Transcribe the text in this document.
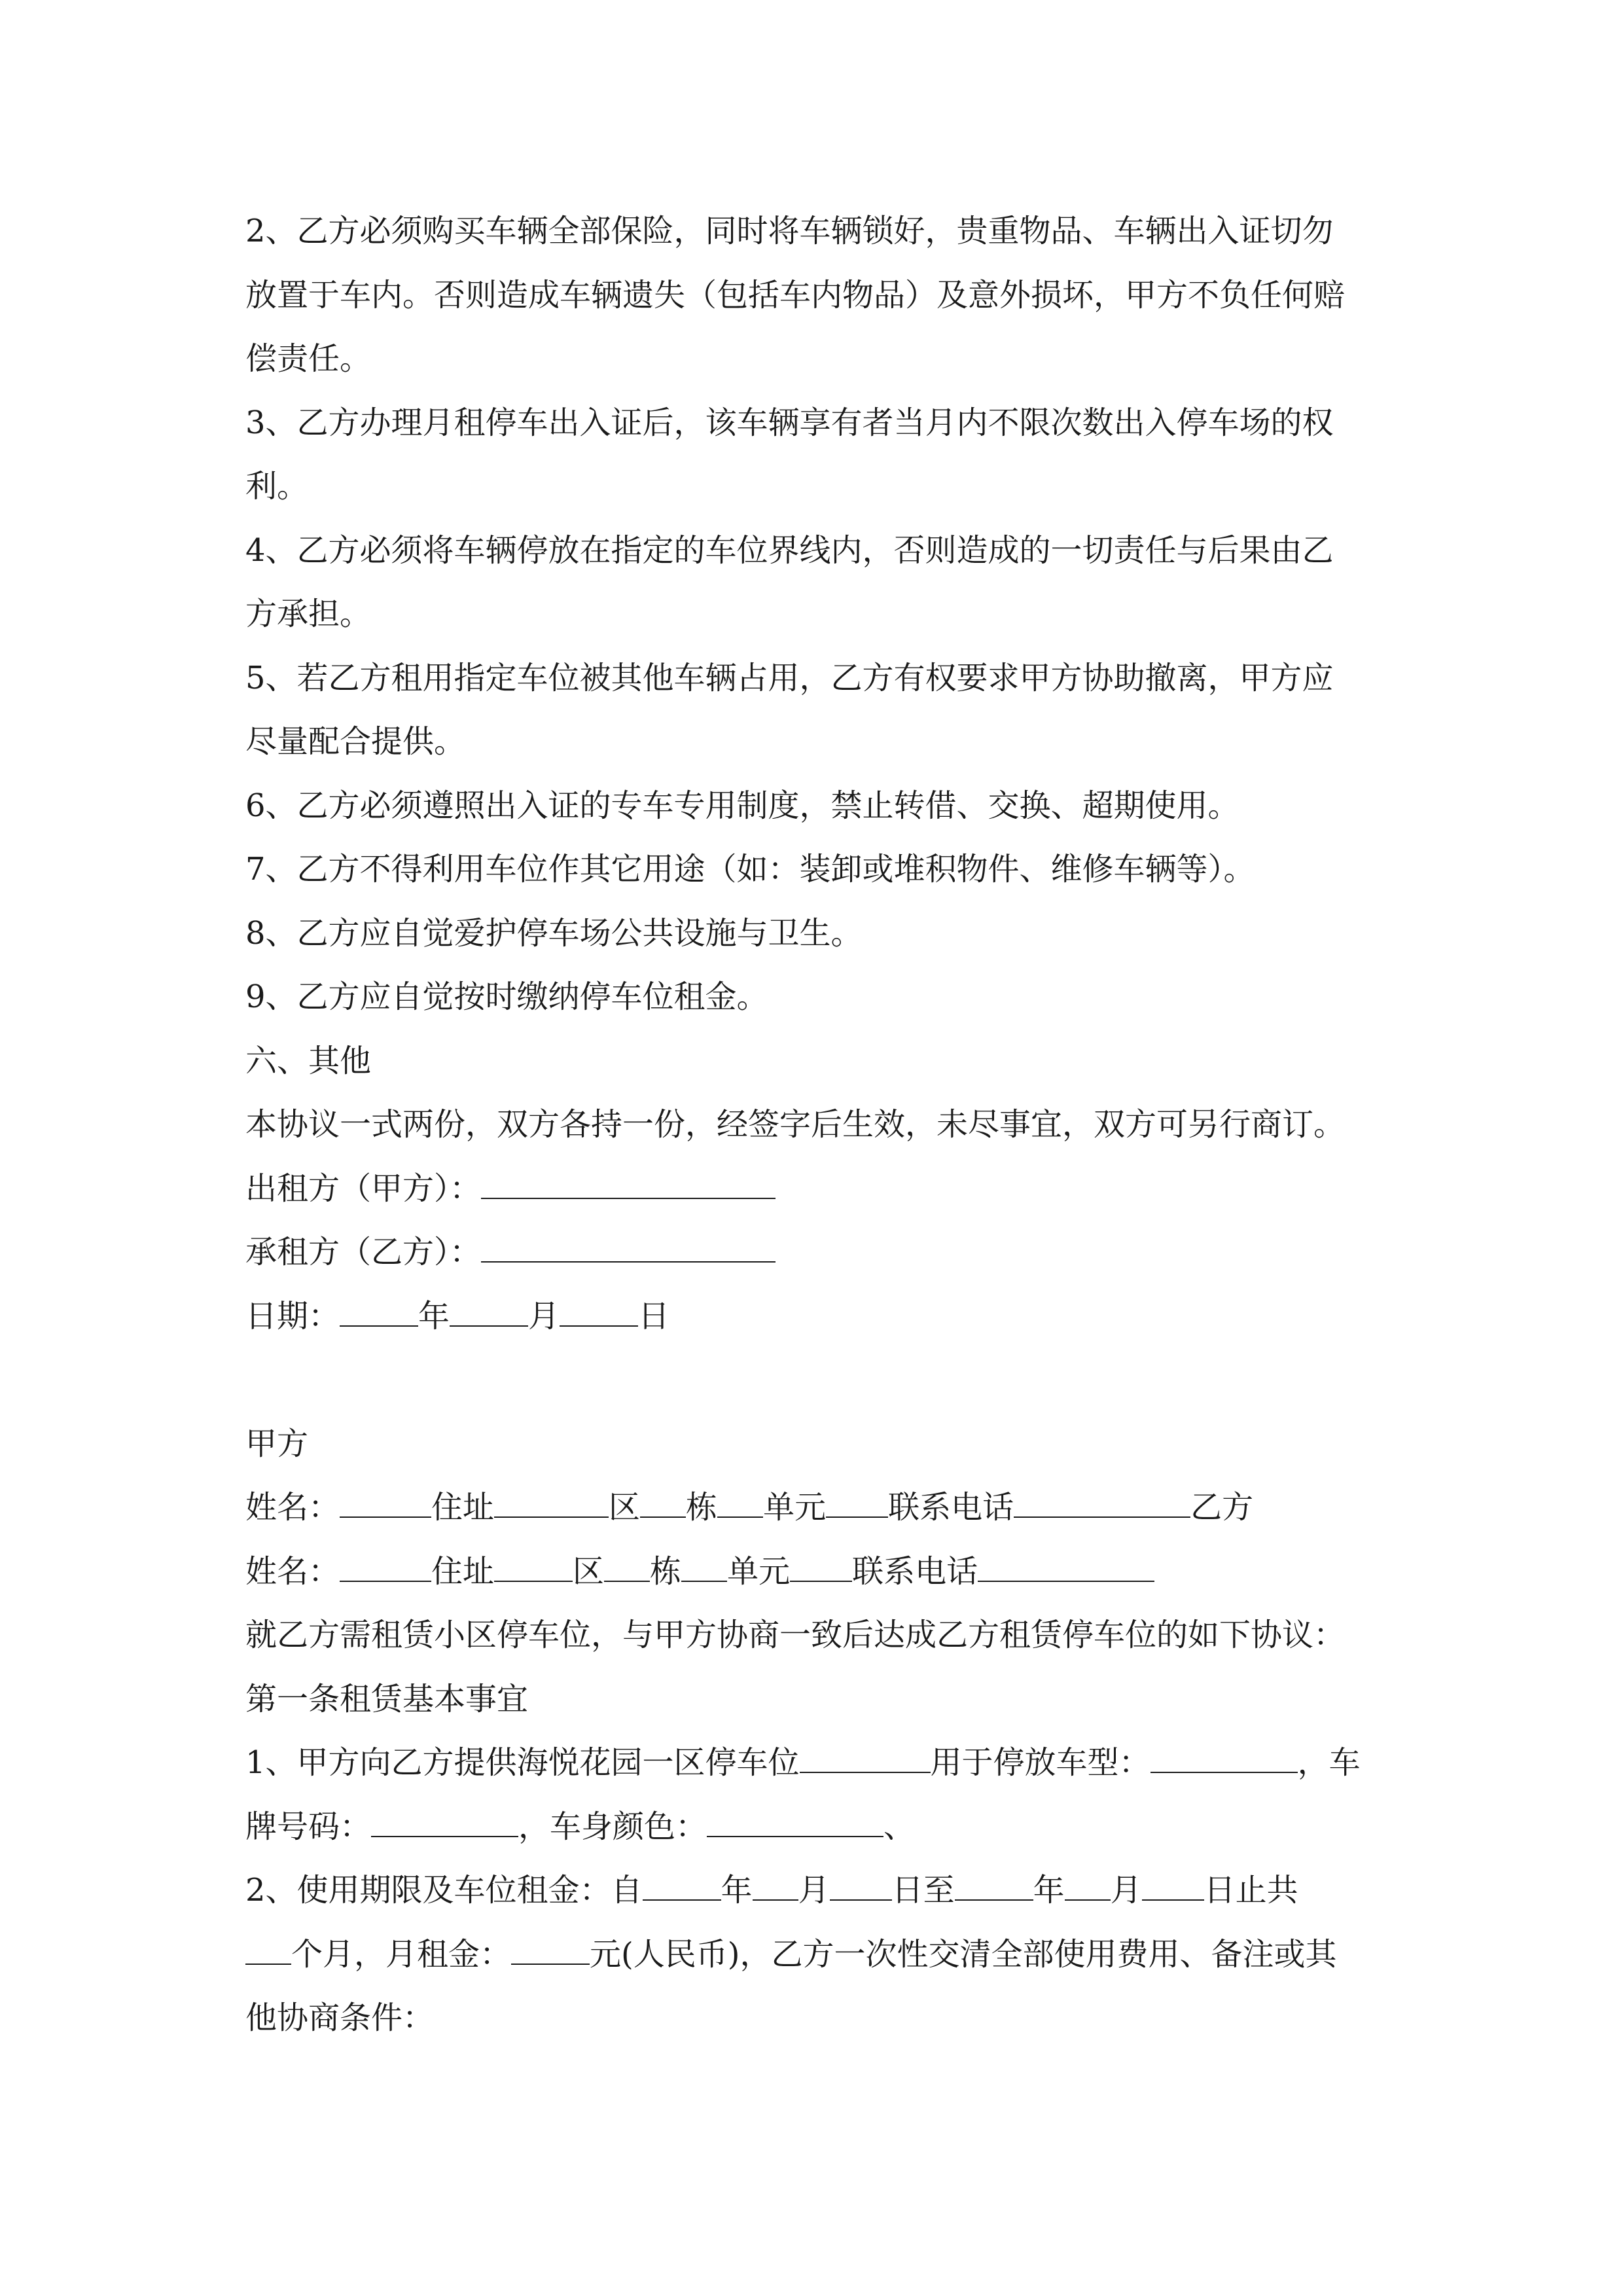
2、乙方必须购买车辆全部保险，同时将车辆锁好，贵重物品、车辆出入证切勿
放置于车内。否则造成车辆遗失（包括车内物品）及意外损坏，甲方不负任何赔
偿责任。
3、乙方办理月租停车出入证后，该车辆享有者当月内不限次数出入停车场的权
利。
4、乙方必须将车辆停放在指定的车位界线内，否则造成的一切责任与后果由乙
方承担。
5、若乙方租用指定车位被其他车辆占用，乙方有权要求甲方协助撤离，甲方应
尽量配合提供。
6、乙方必须遵照出入证的专车专用制度，禁止转借、交换、超期使用。
7、乙方不得利用车位作其它用途（如：装卸或堆积物件、维修车辆等）。
8、乙方应自觉爱护停车场公共设施与卫生。
9、乙方应自觉按时缴纳停车位租金。
六、其他
本协议一式两份，双方各持一份，经签字后生效，未尽事宜，双方可另行商订。
出租方（甲方）：
承租方（乙方）：
日期：	年	月	日
甲方
姓名：	住址	区 栋 单元 联系电话	乙方
姓名：	住址	区 栋 单元 联系电话
就乙方需租赁小区停车位，与甲方协商一致后达成乙方租赁停车位的如下协议：
第一条租赁基本事宜
1、甲方向乙方提供海悦花园一区停车位	用于停放车型：	，车
牌号码：	，车身颜色：	、
2、使用期限及车位租金：自	年 月 日至	年 月 日止共
个月，月租金：	元(人民币)，乙方一次性交清全部使用费用、备注或其
他协商条件：
